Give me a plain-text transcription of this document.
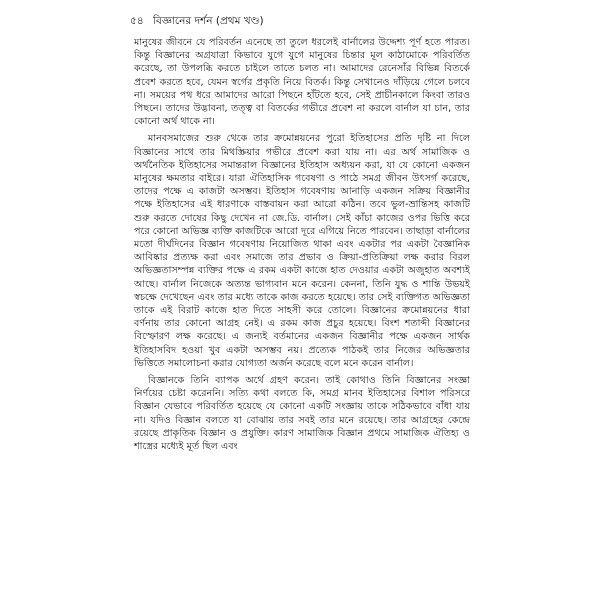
৫৪ বিজ্ঞানের দর্শন (প্রথম খণ্ড)

মানুষের জীবনে যে পরিবর্তন এনেছে তা তুলে ধরলেই বার্নালের উদ্দেশ্য পূর্ণ হতে পারত। কিন্তু বিজ্ঞানের অগ্রযাত্রা কিভাবে যুগে যুগে মানুষের চিন্তার মূল কাঠামোকে পরিবর্তিত করেছে, তা উপলব্ধি করতে চাইলে তাতে চলত না। আমাদের রেনেসাঁর বিভিন্ন বিতর্কে প্রবেশ করতে হবে, যেমন স্বর্গের প্রকৃতি নিয়ে বিতর্ক। কিন্তু সেখানেও দাঁড়িয়ে গেলে চলবে না। সময়ের পথ ধরে আমাদের আরো পিছনে হাঁটতে হবে, সেই প্রাচীনকালে কিংবা তারও পিছনে। তাদের উদ্ভাবনা, তত্ত্ব বা বিতর্কের গভীরে প্রবেশ না করলে বার্নাল যা চান, তার কোনো অর্থ থাকে না।

মানবসমাজের শুরু থেকে তার ক্রমোন্নয়নের পুরো ইতিহাসের প্রতি দৃষ্টি না দিলে বিজ্ঞানের সাথে তার মিথস্ক্রিয়ার গভীরে প্রবেশ করা যায় না। এর অর্থ সামাজিক ও অর্থনৈতিক ইতিহাসের সমান্তরাল বিজ্ঞানের ইতিহাস অধ্যয়ন করা, যা যে কোনো একজন মানুষের ক্ষমতার বাইরে। যারা ঐতিহাসিক গবেষণা ও পাঠে সমগ্র জীবন উৎসর্গ করেছে, তাদের পক্ষে এ কাজটা অসম্ভব। ইতিহাস গবেষণায় আনাড়ি একজন সক্রিয় বিজ্ঞানীর পক্ষে ইতিহাসের এই ধারণাকে বাস্তবায়ন করা আরো কঠিন। তবে ভুল-ভ্রান্তিসহ কাজটি শুরু করতে দোষের কিছু দেখেন না জে.ডি. বার্নাল। সেই কাঁচা কাজের ওপর ভিত্তি করে পরে কোনো অভিজ্ঞ ব্যক্তি কাজটিকে আরো দূরে এগিয়ে নিতে পারবেন। তাছাড়া বার্নালের মতো দীর্ঘদিনের বিজ্ঞান গবেষণায় নিয়োজিত থাকা এবং একটার পর একটা বৈজ্ঞানিক আবিষ্কার প্রত্যক্ষ করা এবং সমাজে তার প্রভাব ও ক্রিয়া-প্রতিক্রিয়া লক্ষ করার বিরল অভিজ্ঞতাসম্পন্ন ব্যক্তির পক্ষে এ রকম একটা কাজে হাত দেওয়ার একটা অজুহাত অবশ্যই আছে। বার্নাল নিজেকে অত্যন্ত ভাগ্যবান মনে করেন। কেননা, তিনি যুদ্ধ ও শান্তি উভয়ই স্বচক্ষে দেখেছেন এবং তার মধ্যে তাকে কাজ করতে হয়েছে। তার সেই ব্যক্তিগত অভিজ্ঞতা তাকে এই বিরাট কাজে হাত দিতে সাহসী করে তোলে। বিজ্ঞানের ক্রমোন্নয়নের ধারা বর্ণনায় তার কোনো আগ্রহ নেই। এ রকম কাজ প্রচুর হয়েছে। বিংশ শতাব্দী বিজ্ঞানের বিস্ফোরণ লক্ষ করেছে। এ জন্যই বর্তমানের একজন বিজ্ঞানীর পক্ষে একজন সার্থক ইতিহাসবিদ হওয়া খুব একটা অসম্ভব নয়। প্রত্যেক পাঠকই তার নিজের অভিজ্ঞতার ভিত্তিতে সমালোচনা করার যোগ্যতা অর্জন করেছে বলে মনে করেন বার্নাল।

বিজ্ঞানকে তিনি ব্যাপক অর্থে গ্রহণ করেন। তাই কোথাও তিনি বিজ্ঞানের সংজ্ঞা নির্ণয়ের চেষ্টা করেননি। সত্যি কথা বলতে কি, সমগ্র মানব ইতিহাসের বিশাল পরিসরে বিজ্ঞান যেভাবে পরিবর্তিত হয়েছে যে কোনো একটি সংজ্ঞায় তাকে সঠিকভাবে বাঁধা যায় না। যদিও বিজ্ঞান বলতে যা বোঝায় তার সবই তার মনে রয়েছে। তার আগ্রহের কেন্দ্রে রয়েছে প্রাকৃতিক বিজ্ঞান ও প্রযুক্তি। কারণ সামাজিক বিজ্ঞান প্রথমে সামাজিক ঐতিহ্য ও শাস্ত্রের মধ্যেই মূর্ত ছিল এবং
